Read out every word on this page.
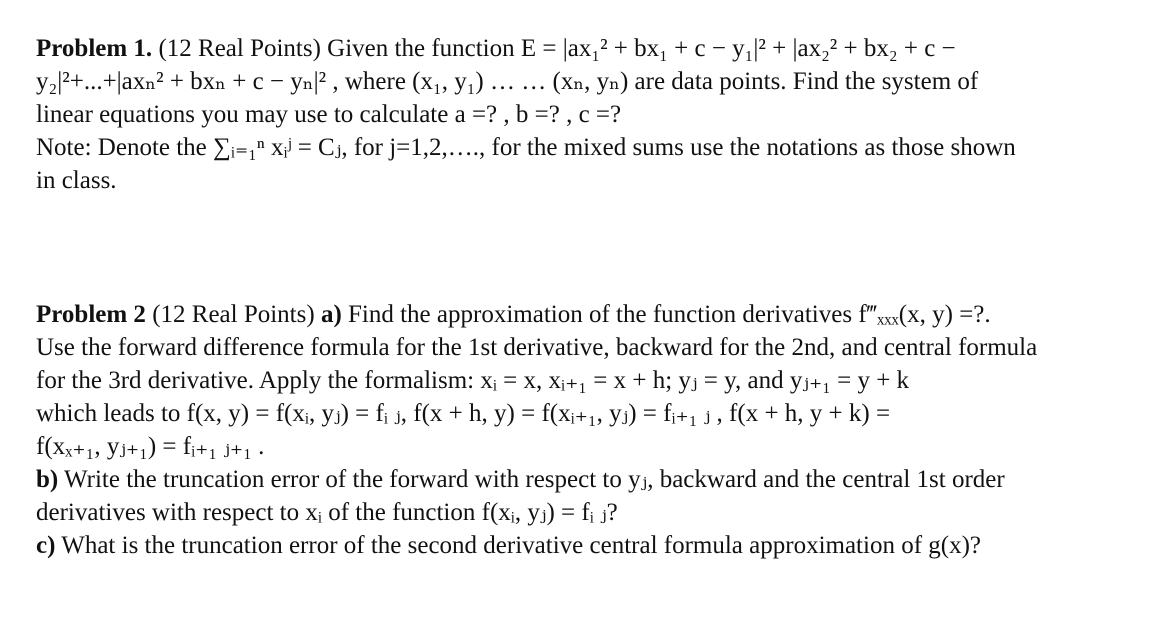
Problem 1. (12 Real Points) Given the function E = |ax₁² + bx₁ + c − y₁|² + |ax₂² + bx₂ + c −
y₂|²+...+|axₙ² + bxₙ + c − yₙ|² , where (x₁, y₁) … … (xₙ, yₙ) are data points. Find the system of
linear equations you may use to calculate a =? , b =? , c =?
Note: Denote the ∑ᵢ₌₁ⁿ xᵢʲ = Cⱼ, for j=1,2,…., for the mixed sums use the notations as those shown
in class.
Problem 2 (12 Real Points) a) Find the approximation of the function derivatives f‴ₓₓₓ(x, y) =?.
Use the forward difference formula for the 1st derivative, backward for the 2nd, and central formula
for the 3rd derivative. Apply the formalism: xᵢ = x, xᵢ₊₁ = x + h; yⱼ = y, and yⱼ₊₁ = y + k
which leads to f(x, y) = f(xᵢ, yⱼ) = fᵢ ⱼ, f(x + h, y) = f(xᵢ₊₁, yⱼ) = fᵢ₊₁ ⱼ , f(x + h, y + k) =
f(xₓ₊₁, yⱼ₊₁) = fᵢ₊₁ ⱼ₊₁ .
b) Write the truncation error of the forward with respect to yⱼ, backward and the central 1st order
derivatives with respect to xᵢ of the function f(xᵢ, yⱼ) = fᵢ ⱼ?
c) What is the truncation error of the second derivative central formula approximation of g(x)?
